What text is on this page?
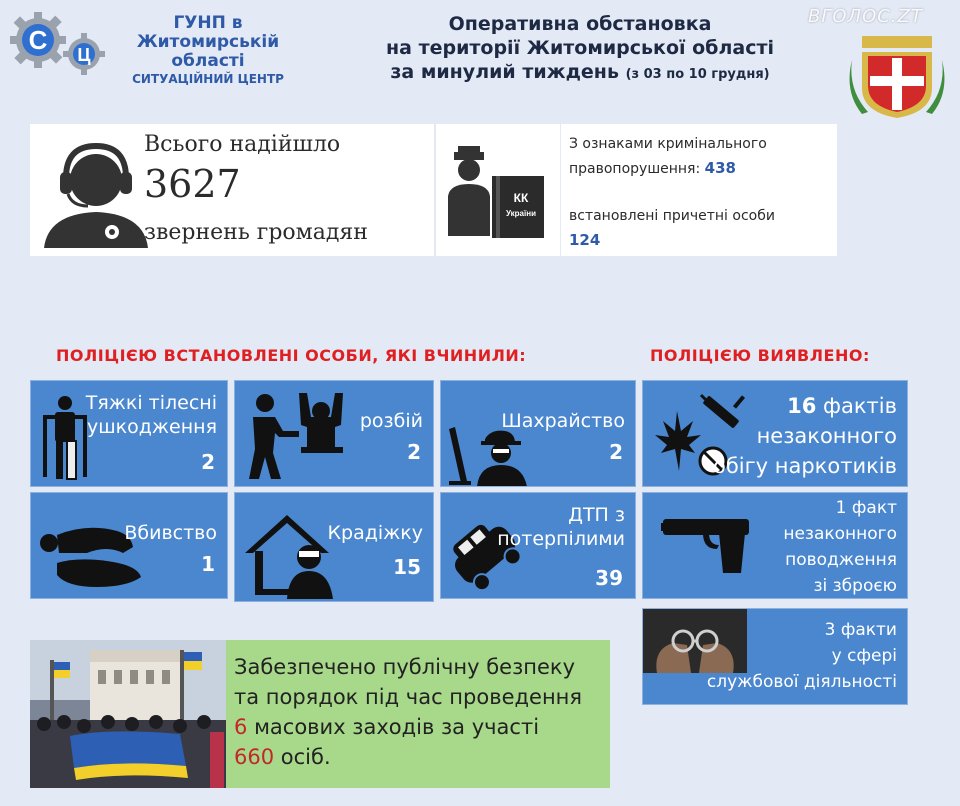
С Ц
ГУНП в
Житомирській
області
СИТУАЦІЙНИЙ ЦЕНТР
Оперативна обстановка
на території Житомирської області
за минулий тиждень (з 03 по 10 грудня)
ВГОЛОС.ZT
Всього надійшло
3627
звернень громадян
КК
України
З ознаками кримінального
правопорушення: 438
встановлені причетні особи
124
ПОЛІЦІЄЮ ВСТАНОВЛЕНІ ОСОБИ, ЯКІ ВЧИНИЛИ:	ПОЛІЦІЄЮ ВИЯВЛЕНО:
Тяжкі тілесні
ушкодження
2
розбій
2
Шахрайство
2
16 фактів
незаконного
обігу наркотиків
Вбивство
1
Крадіжку
15
ДТП з
потерпілими
39
1 факт
незаконного
поводження
зі зброєю
3 факти
у сфері
службової діяльності
Забезпечено публічну безпеку
та порядок під час проведення
6 масових заходів за участі
660 осіб.
